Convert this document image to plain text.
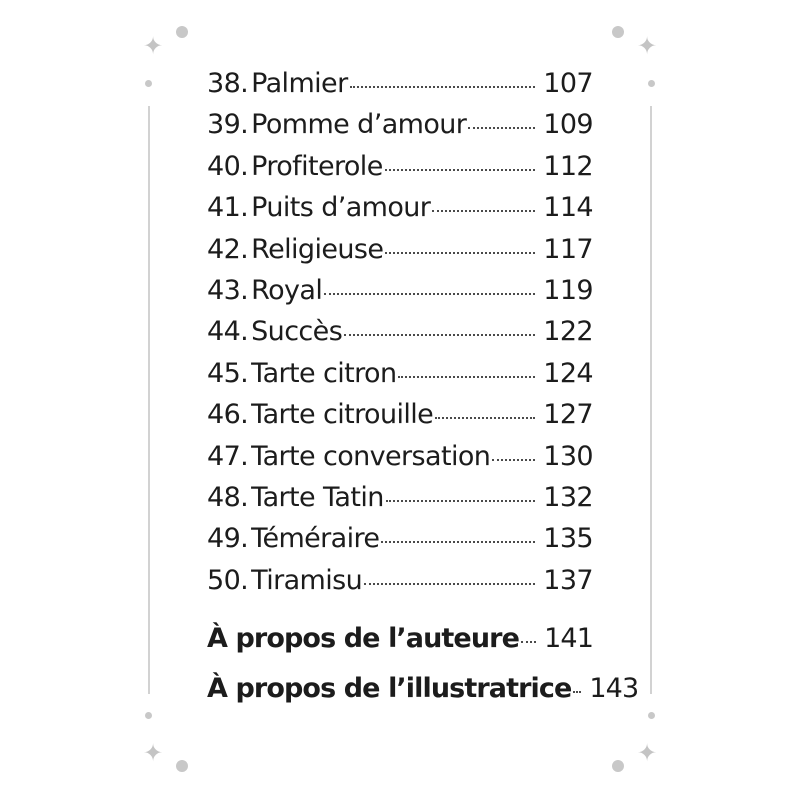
✦	✦
✦	✦
38. Palmier	107
39. Pomme d’amour	109
40. Profiterole	112
41. Puits d’amour	114
42. Religieuse	117
43. Royal	119
44. Succès	122
45. Tarte citron	124
46. Tarte citrouille	127
47. Tarte conversation 130
48. Tarte Tatin	132
49. Téméraire	135
50. Tiramisu	137
À propos de l’auteure 141
À propos de l’illustratrice 143
